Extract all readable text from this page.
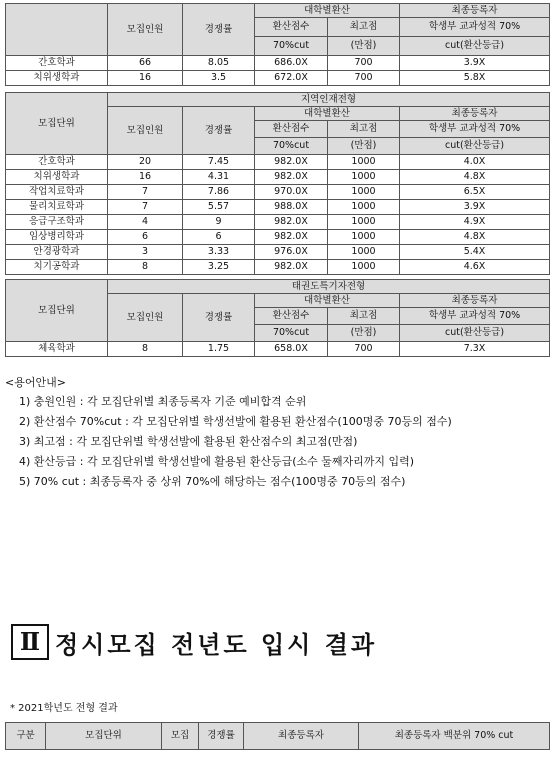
	모집인원	경쟁률	대학별환산		최종등록자
			환산점수	최고점	학생부 교과성적 70%
			70%cut	(만점)	cut(환산등급)
간호학과	66	8.05	686.0X	700	3.9X
치위생학과	16	3.5	672.0X	700	5.8X
모집단위	지역인재전형				
	모집인원	경쟁률	대학별환산		최종등록자
			환산점수	최고점	학생부 교과성적 70%
			70%cut	(만점)	cut(환산등급)
간호학과	20	7.45	982.0X	1000	4.0X
치위생학과	16	4.31	982.0X	1000	4.8X
작업치료학과	7	7.86	970.0X	1000	6.5X
물리치료학과	7	5.57	988.0X	1000	3.9X
응급구조학과	4	9	982.0X	1000	4.9X
임상병리학과	6	6	982.0X	1000	4.8X
안경광학과	3	3.33	976.0X	1000	5.4X
치기공학과	8	3.25	982.0X	1000	4.6X
모집단위	태권도특기자전형				
	모집인원	경쟁률	대학별환산		최종등록자
			환산점수	최고점	학생부 교과성적 70%
			70%cut	(만점)	cut(환산등급)
체육학과	8	1.75	658.0X	700	7.3X
<용어안내>
1) 충원인원 : 각 모집단위별 최종등록자 기준 예비합격 순위
2) 환산점수 70%cut : 각 모집단위별 학생선발에 활용된 환산점수(100명중 70등의 점수)
3) 최고점 : 각 모집단위별 학생선발에 활용된 환산점수의 최고점(만점)
4) 환산등급 : 각 모집단위별 학생선발에 활용된 환산등급(소수 둘째자리까지 입력)
5) 70% cut : 최종등록자 중 상위 70%에 해당하는 점수(100명중 70등의 점수)
Ⅱ 정시모집 전년도 입시 결과
* 2021학년도 전형 결과
구분	모집단위	모집	경쟁률	최종등록자	최종등록자 백분위 70% cut
